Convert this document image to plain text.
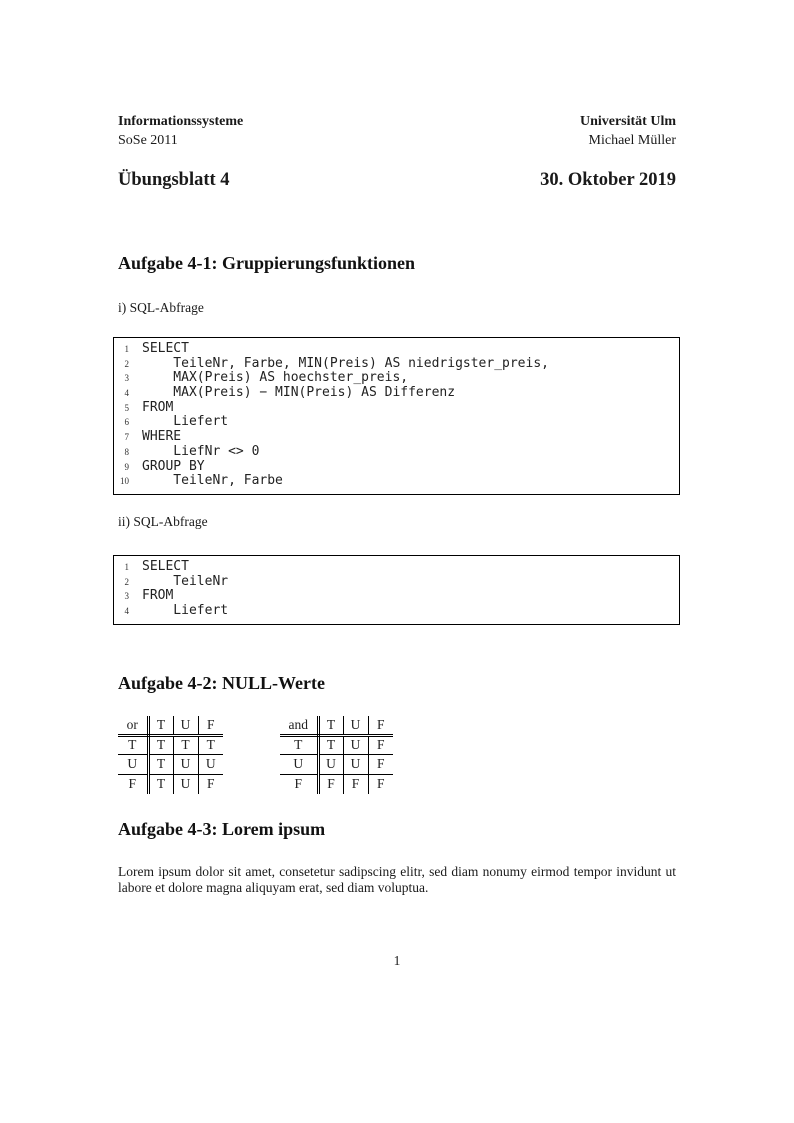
Informationssysteme
SoSe 2011
Universität Ulm
Michael Müller
Übungsblatt 4	30. Oktober 2019
Aufgabe 4-1: Gruppierungsfunktionen
i) SQL-Abfrage
1 SELECT
2 TeileNr, Farbe, MIN(Preis) AS niedrigster_preis,
3 MAX(Preis) AS hoechster_preis,
4 MAX(Preis) − MIN(Preis) AS Differenz
5 FROM
6 Liefert
7 WHERE
8 LiefNr <> 0
9 GROUP BY
10 TeileNr, Farbe
ii) SQL-Abfrage
1 SELECT
2 TeileNr
3 FROM
4 Liefert
Aufgabe 4-2: NULL-Werte
or	T	U	F
T	T	T	T
U	T	U	U
F	T	U	F
and	T	U	F
T	T	U	F
U	U	U	F
F	F	F	F
Aufgabe 4-3: Lorem ipsum

Lorem ipsum dolor sit amet, consetetur sadipscing elitr, sed diam nonumy eirmod tempor invidunt ut labore et dolore magna aliquyam erat, sed diam voluptua.

1
